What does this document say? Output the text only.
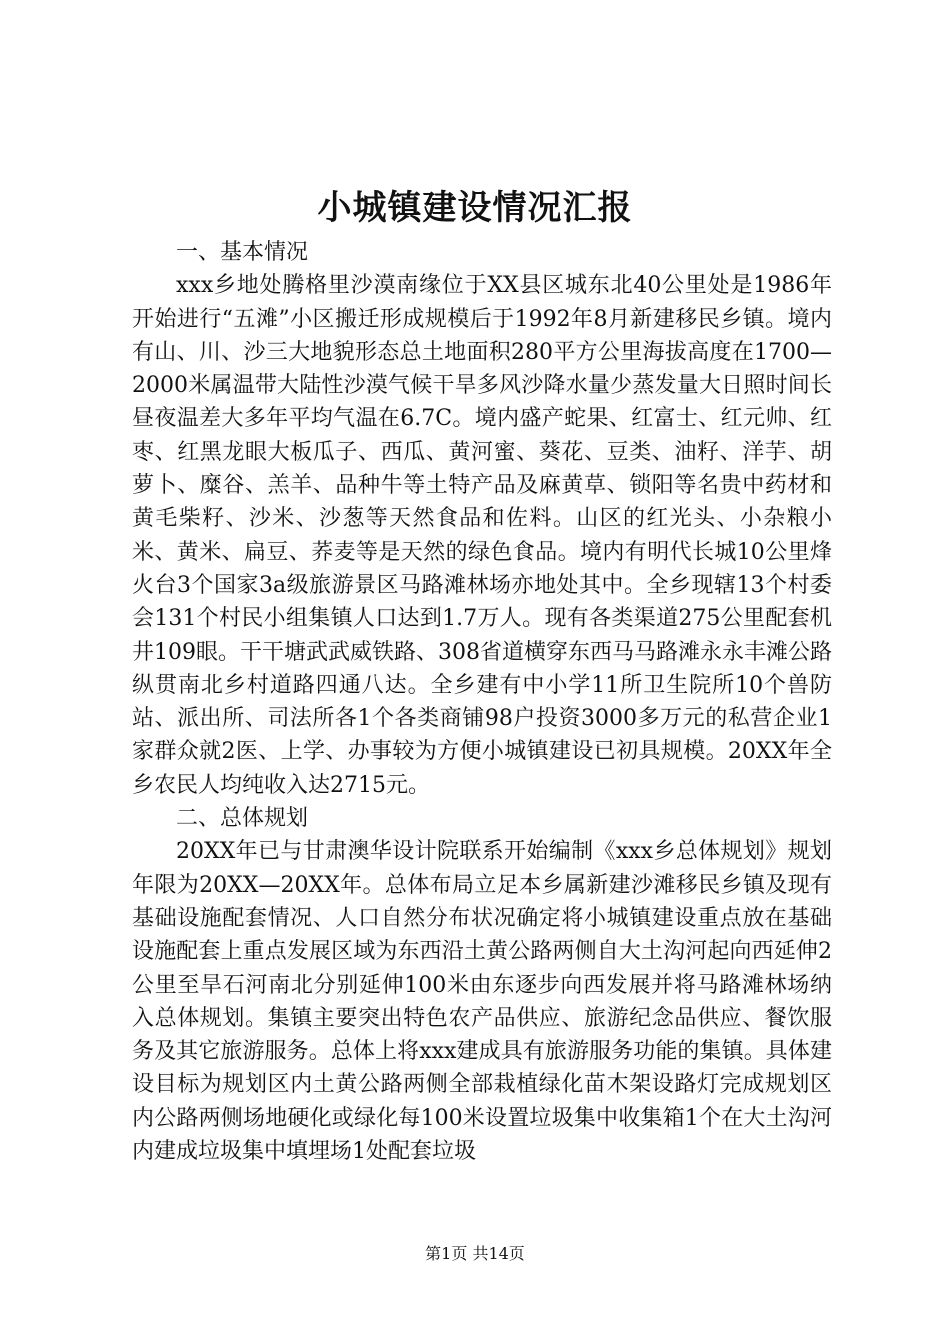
小城镇建设情况汇报
一、基本情况

xxx乡地处腾格里沙漠南缘位于XX县区城东北40公里处是1986年开始进行“五滩”小区搬迁形成规模后于1992年8月新建移民乡镇。境内有山、川、沙三大地貌形态总土地面积280平方公里海拔高度在1700—2000米属温带大陆性沙漠气候干旱多风沙降水量少蒸发量大日照时间长昼夜温差大多年平均气温在6.7C。境内盛产蛇果、红富士、红元帅、红枣、红黑龙眼大板瓜子、西瓜、黄河蜜、葵花、豆类、油籽、洋芋、胡萝卜、糜谷、羔羊、品种牛等土特产品及麻黄草、锁阳等名贵中药材和黄毛柴籽、沙米、沙葱等天然食品和佐料。山区的红光头、小杂粮小米、黄米、扁豆、荞麦等是天然的绿色食品。境内有明代长城10公里烽火台3个国家3a级旅游景区马路滩林场亦地处其中。全乡现辖13个村委会131个村民小组集镇人口达到1.7万人。现有各类渠道275公里配套机井109眼。干干塘武武威铁路、308省道横穿东西马马路滩永永丰滩公路纵贯南北乡村道路四通八达。全乡建有中小学11所卫生院所10个兽防站、派出所、司法所各1个各类商铺98户投资3000多万元的私营企业1家群众就2医、上学、办事较为方便小城镇建设已初具规模。20XX年全乡农民人均纯收入达2715元。

二、总体规划

20XX年已与甘肃澳华设计院联系开始编制《xxx乡总体规划》规划年限为20XX—20XX年。总体布局立足本乡属新建沙滩移民乡镇及现有基础设施配套情况、人口自然分布状况确定将小城镇建设重点放在基础设施配套上重点发展区域为东西沿土黄公路两侧自大土沟河起向西延伸2公里至旱石河南北分别延伸100米由东逐步向西发展并将马路滩林场纳入总体规划。集镇主要突出特色农产品供应、旅游纪念品供应、餐饮服务及其它旅游服务。总体上将xxx建成具有旅游服务功能的集镇。具体建设目标为规划区内土黄公路两侧全部栽植绿化苗木架设路灯完成规划区内公路两侧场地硬化或绿化每100米设置垃圾集中收集箱1个在大土沟河内建成垃圾集中填埋场1处配套垃圾

第1页 共14页
